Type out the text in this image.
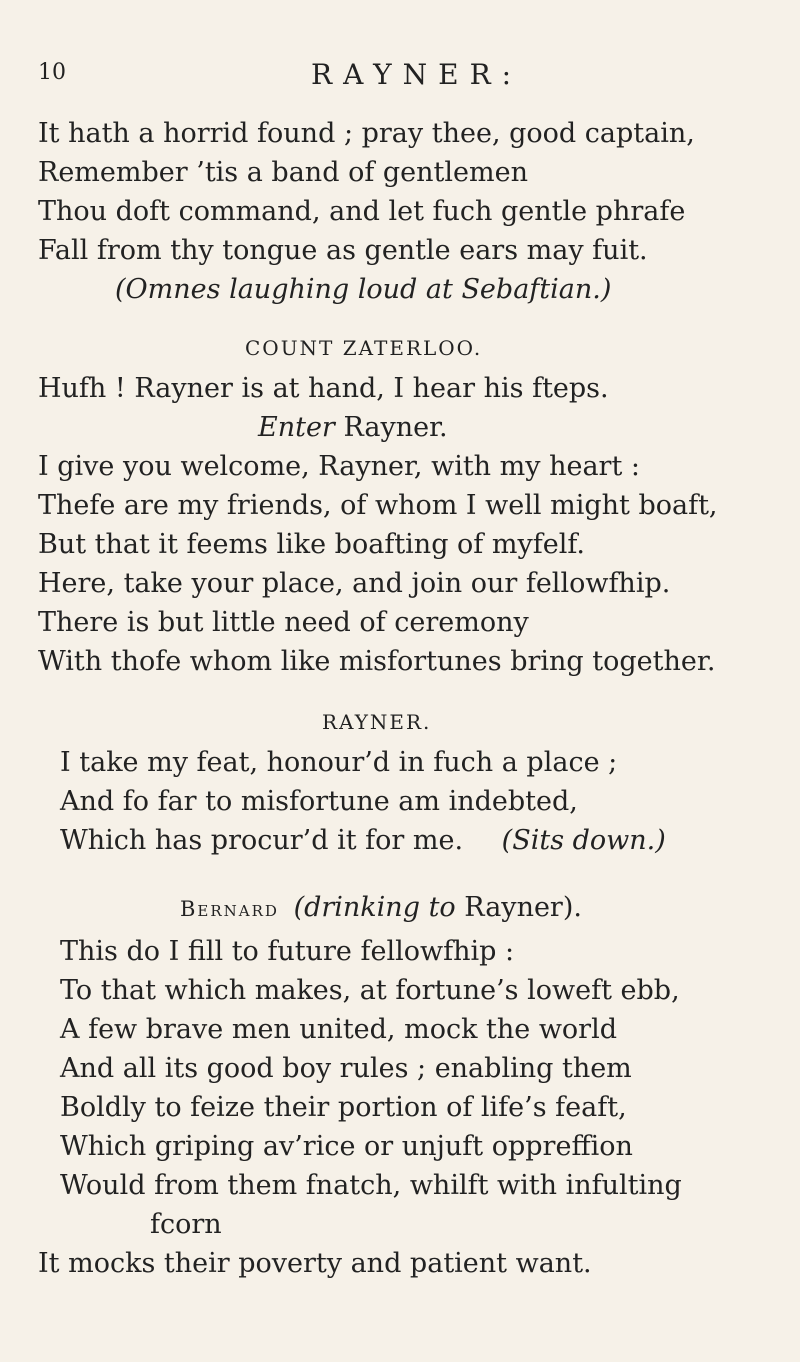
10	RAYNER:
It hath a horrid found ; pray thee, good captain,
Remember ’tis a band of gentlemen
Thou doft command, and let fuch gentle phrafe
Fall from thy tongue as gentle ears may fuit.
(Omnes laughing loud at Sebaftian.)
COUNT ZATERLOO.
Hufh ! Rayner is at hand, I hear his fteps.
Enter Rayner.
I give you welcome, Rayner, with my heart :
Thefe are my friends, of whom I well might boaft,
But that it feems like boafting of myfelf.
Here, take your place, and join our fellowfhip.
There is but little need of ceremony
With thofe whom like misfortunes bring together.
RAYNER.
I take my feat, honour’d in fuch a place ;
And fo far to misfortune am indebted,
Which has procur’d it for me. (Sits down.)
Bernard (drinking to Rayner).
This do I fill to future fellowfhip :
To that which makes, at fortune’s loweft ebb,
A few brave men united, mock the world
And all its good boy rules ; enabling them
Boldly to feize their portion of life’s feaft,
Which griping av’rice or unjuft oppreffion
Would from them fnatch, whilft with infulting
fcorn
It mocks their poverty and patient want.
